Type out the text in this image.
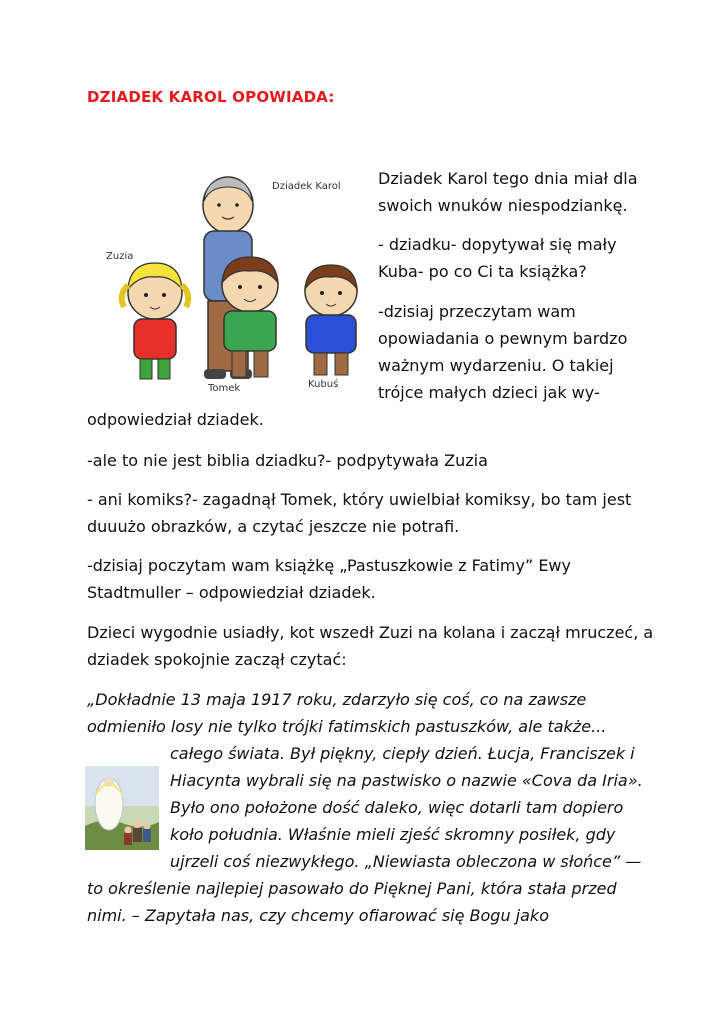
DZIADEK KAROL OPOWIADA:
Dziadek Karol
Zuzia
Tomek	Kubuś

Dziadek Karol tego dnia miał dla

swoich wnuków niespodziankę.

- dziadku- dopytywał się mały

Kuba- po co Ci ta książka?

-dzisiaj przeczytam wam

opowiadania o pewnym bardzo

ważnym wydarzeniu. O takiej

trójce małych dzieci jak wy-

odpowiedział dziadek.

-ale to nie jest biblia dziadku?- podpytywała Zuzia

- ani komiks?- zagadnął Tomek, który uwielbiał komiksy, bo tam jest

duuużo obrazków, a czytać jeszcze nie potrafi.

-dzisiaj poczytam wam książkę „Pastuszkowie z Fatimy” Ewy

Stadtmuller – odpowiedział dziadek.

Dzieci wygodnie usiadły, kot wszedł Zuzi na kolana i zaczął mruczeć, a

dziadek spokojnie zaczął czytać:

„Dokładnie 13 maja 1917 roku, zdarzyło się coś, co na zawsze

odmieniło losy nie tylko trójki fatimskich pastuszków, ale także...

całego świata. Był piękny, ciepły dzień. Łucja, Franciszek i

Hiacynta wybrali się na pastwisko o nazwie «Cova da Iria».

Było ono położone dość daleko, więc dotarli tam dopiero

koło południa. Właśnie mieli zjeść skromny posiłek, gdy

ujrzeli coś niezwykłego. „Niewiasta obleczona w słońce” —

to określenie najlepiej pasowało do Pięknej Pani, która stała przed

nimi. – Zapytała nas, czy chcemy ofiarować się Bogu jako
